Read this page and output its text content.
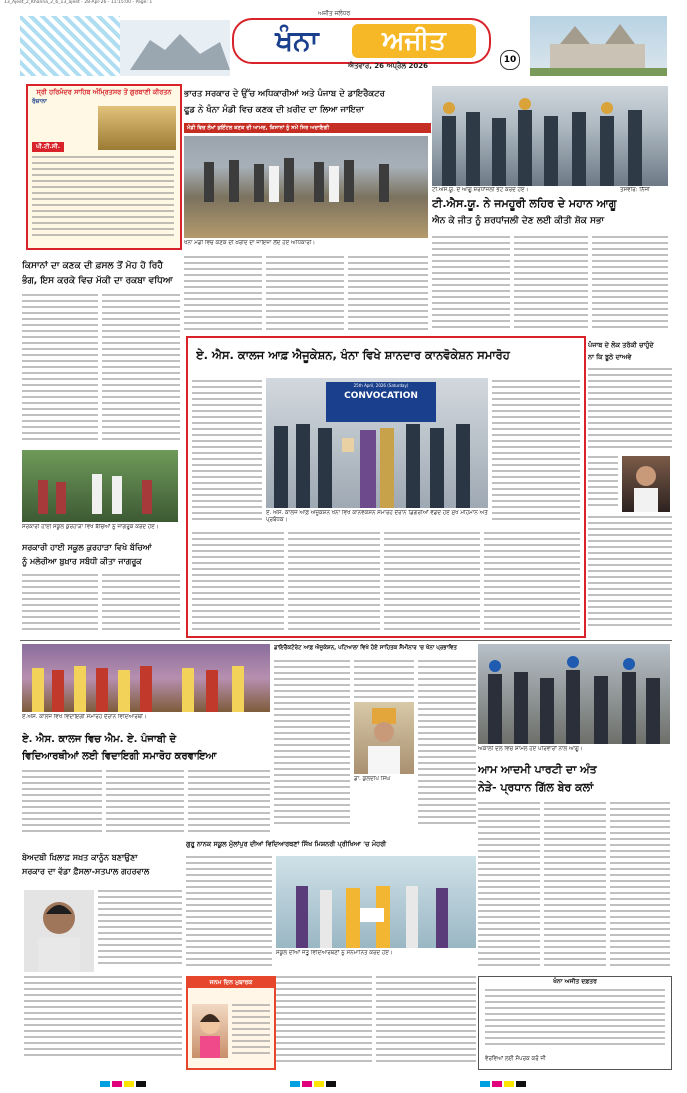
13_Ajeet_2_Khanna_2_6_13_ajeet - 28-Apr-26 - 11:15:00 - Page: 1
ਅਜੀਤ ਜਲੰਧਰ
ਖੰਨਾ	ਅਜੀਤ
ਐਤਵਾਰ, 26 ਅਪ੍ਰੈਲ 2026
10
ਸ੍ਰੀ ਹਰਿਮੰਦਰ ਸਾਹਿਬ ਅੰਮ੍ਰਿਤਸਰ ਤੋਂ ਗੁਰਬਾਣੀ ਕੀਰਤਨ
ਰੋਜ਼ਾਨਾ
ਪੀ.ਟੀ.ਸੀ.
ਭਾਰਤ ਸਰਕਾਰ ਦੇ ਉੱਚ ਅਧਿਕਾਰੀਆਂ ਅਤੇ ਪੰਜਾਬ ਦੇ ਡਾਇਰੈਕਟਰ
ਫੂਡ ਨੇ ਖੰਨਾ ਮੰਡੀ ਵਿਚ ਕਣਕ ਦੀ ਖ਼ਰੀਦ ਦਾ ਲਿਆ ਜਾਇਜ਼ਾ
ਮੰਡੀ ਵਿਚ ਲੱਖਾਂ ਕੁਇੰਟਲ ਕਣਕ ਦੀ ਆਮਦ, ਕਿਸਾਨਾਂ ਨੂੰ ਸਮੇਂ ਸਿਰ ਅਦਾਇਗੀ
ਖੰਨਾ ਮੰਡੀ ਵਿਚ ਕਣਕ ਦੀ ਖ਼ਰੀਦ ਦਾ ਜਾਇਜ਼ਾ ਲੈਂਦੇ ਹੋਏ ਅਧਿਕਾਰੀ।
ਟੀ.ਐਸ.ਯੂ. ਦੇ ਆਗੂ ਸ਼ਰਧਾਂਜਲੀ ਭੇਟ ਕਰਦੇ ਹੋਏ।	ਤਸਵੀਰ: ਨਿੱਜੀ
ਟੀ.ਐਸ.ਯੂ. ਨੇ ਜਮਹੂਰੀ ਲਹਿਰ ਦੇ ਮਹਾਨ ਆਗੂ
ਐਨ ਕੇ ਜੀਤ ਨੂੰ ਸ਼ਰਧਾਂਜਲੀ ਦੇਣ ਲਈ ਕੀਤੀ ਸ਼ੋਕ ਸਭਾ
ਕਿਸਾਨਾਂ ਦਾ ਕਣਕ ਦੀ ਫ਼ਸਲ ਤੋਂ ਮੋਹ ਹੋ ਰਿਹੈ
ਭੰਗ, ਇਸ ਕਰਕੇ ਵਿਚ ਮੱਕੀ ਦਾ ਰਕਬਾ ਵਧਿਆ
ਏ. ਐਸ. ਕਾਲਜ ਆਫ਼ ਐਜੂਕੇਸ਼ਨ, ਖੰਨਾ ਵਿਖੇ ਸ਼ਾਨਦਾਰ ਕਾਨਵੋਕੇਸ਼ਨ ਸਮਾਰੋਹ
25th April, 2026 (Saturday)
CONVOCATION
ਏ. ਐਸ. ਕਾਲਜ ਆਫ਼ ਐਜੂਕੇਸ਼ਨ ਖੰਨਾ ਵਿਖੇ ਕਾਨਵੋਕੇਸ਼ਨ ਸਮਾਰੋਹ ਦੌਰਾਨ ਡਿਗਰੀਆਂ ਵੰਡਦੇ ਹੋਏ ਮੁੱਖ ਮਹਿਮਾਨ ਅਤੇ ਪ੍ਰਬੰਧਕ।
ਪੰਜਾਬ ਦੇ ਲੋਕ ਤਰੱਕੀ ਚਾਹੁੰਦੇ
ਨਾ ਕਿ ਝੂਠੇ ਦਾਅਵੇ
ਸਰਕਾਰੀ ਹਾਈ ਸਕੂਲ ਕੁਰਹਾੜਾ ਵਿਖੇ ਬੱਚਿਆਂ ਨੂੰ ਜਾਗਰੂਕ ਕਰਦੇ ਹੋਏ।
ਸਰਕਾਰੀ ਹਾਈ ਸਕੂਲ ਕੁਰਹਾੜਾ ਵਿਖੇ ਬੱਚਿਆਂ
ਨੂੰ ਮਲੇਰੀਆ ਬੁਖ਼ਾਰ ਸਬੰਧੀ ਕੀਤਾ ਜਾਗਰੂਕ
ਏ.ਐਸ. ਕਾਲਜ ਵਿਖੇ ਵਿਦਾਇਗੀ ਸਮਾਰੋਹ ਦੌਰਾਨ ਵਿਦਿਆਰਥੀ।
ਏ. ਐਸ. ਕਾਲਜ ਵਿਚ ਐਮ. ਏ. ਪੰਜਾਬੀ ਦੇ
ਵਿਦਿਆਰਥੀਆਂ ਲਈ ਵਿਦਾਇਗੀ ਸਮਾਰੋਹ ਕਰਵਾਇਆ
ਡਾਇਰੈਕਟੋਰੇਟ ਆਫ਼ ਐਜੂਕੇਸ਼ਨ, ਪਟਿਆਲਾ ਵਿਖੇ ਹੋਏ ਸਾਹਿਤਕ ਸੈਮੀਨਾਰ 'ਚ ਖੰਨਾ ਪ੍ਰਭਾਵਿਤ
ਡਾ. ਕੁਲਦੀਪ ਸਿੰਘ
ਅਕਾਲੀ ਦਲ ਵਿਚ ਸ਼ਾਮਲ ਹੋਏ ਪਰਿਵਾਰਾਂ ਨਾਲ ਆਗੂ।
ਆਮ ਆਦਮੀ ਪਾਰਟੀ ਦਾ ਅੰਤ
ਨੇੜੇ- ਪ੍ਰਧਾਨ ਗਿੱਲ ਬੇਰ ਕਲਾਂ
ਬੇਅਦਬੀ ਖ਼ਿਲਾਫ਼ ਸਖ਼ਤ ਕਾਨੂੰਨ ਬਣਾਉਣਾ
ਸਰਕਾਰ ਦਾ ਵੱਡਾ ਫ਼ੈਸਲਾ-ਸਤਪਾਲ ਗਹਰਵਾਲ
ਜਨਮ ਦਿਨ ਮੁਬਾਰਕ
ਗੁਰੂ ਨਾਨਕ ਸਕੂਲ ਮੁੱਲਾਂਪੁਰ ਦੀਆਂ ਵਿਦਿਆਰਥਣਾਂ ਸਿੱਖ ਮਿਸ਼ਨਰੀ ਪ੍ਰੀਖਿਆ 'ਚ ਮੋਹਰੀ
ਸਕੂਲ ਦੀਆਂ ਜੇਤੂ ਵਿਦਿਆਰਥਣਾਂ ਨੂੰ ਸਨਮਾਨਿਤ ਕਰਦੇ ਹੋਏ।
ਖੰਨਾ ਅਜੀਤ ਦਫ਼ਤਰ
ਵੇਰਵਿਆਂ ਲਈ ਸੰਪਰਕ ਕਰੋ ਜੀ
